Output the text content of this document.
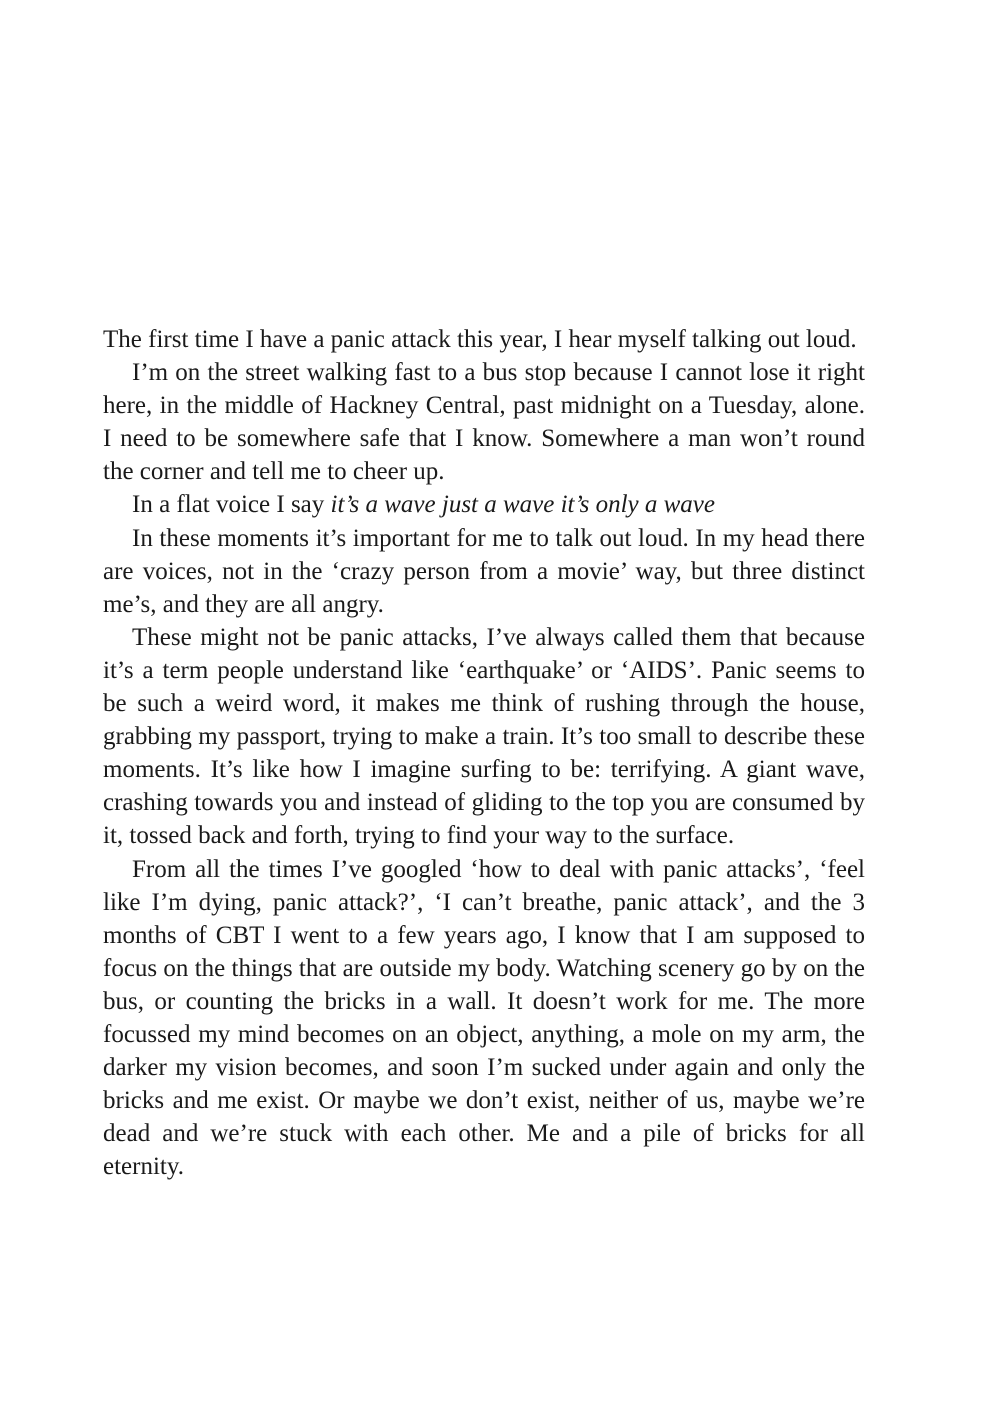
The first time I have a panic attack this year, I hear myself talking out loud.

I’m on the street walking fast to a bus stop because I cannot lose it right here, in the middle of Hackney Central, past midnight on a Tuesday, alone. I need to be somewhere safe that I know. Somewhere a man won’t round the corner and tell me to cheer up.

In a flat voice I say it’s a wave just a wave it’s only a wave

In these moments it’s important for me to talk out loud. In my head there are voices, not in the ‘crazy person from a movie’ way, but three distinct me’s, and they are all angry.

These might not be panic attacks, I’ve always called them that because it’s a term people understand like ‘earthquake’ or ‘AIDS’. Panic seems to be such a weird word, it makes me think of rushing through the house, grabbing my passport, trying to make a train. It’s too small to describe these moments. It’s like how I imagine surfing to be: terrifying. A giant wave, crashing towards you and instead of gliding to the top you are consumed by it, tossed back and forth, trying to find your way to the surface.

From all the times I’ve googled ‘how to deal with panic attacks’, ‘feel like I’m dying, panic attack?’, ‘I can’t breathe, panic attack’, and the 3 months of CBT I went to a few years ago, I know that I am supposed to focus on the things that are outside my body. Watching scenery go by on the bus, or counting the bricks in a wall. It doesn’t work for me. The more focussed my mind becomes on an object, anything, a mole on my arm, the darker my vision becomes, and soon I’m sucked under again and only the bricks and me exist. Or maybe we don’t exist, neither of us, maybe we’re dead and we’re stuck with each other. Me and a pile of bricks for all eternity.
